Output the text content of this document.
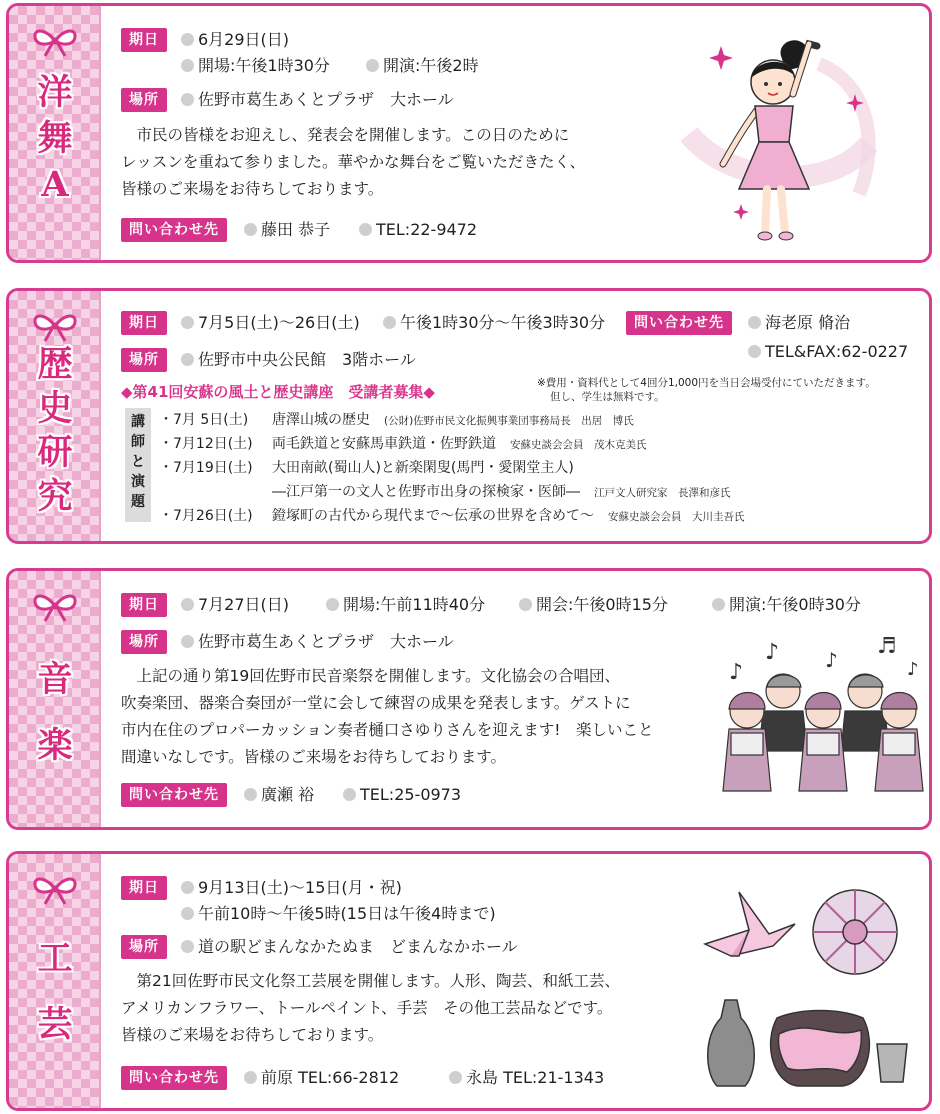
洋
舞
A
期日	6月29日(日)
開場:午後1時30分	開演:午後2時
場所	佐野市葛生あくとプラザ　大ホール
　市民の皆様をお迎えし、発表会を開催します。この日のために
レッスンを重ねて参りました。華やかな舞台をご覧いただきたく、
皆様のご来場をお待ちしております。
問い合わせ先	藤田 恭子	TEL:22-9472
歴
史
研
究
期日	7月5日(土)～26日(土)	午後1時30分～午後3時30分	問い合わせ先	海老原 脩治
TEL&FAX:62-0227
場所	佐野市中央公民館　3階ホール
◆第41回安蘇の風土と歴史講座　受講者募集◆	※費用・資料代として4回分1,000円を当日会場受付にていただきます。
但し、学生は無料です。
講
師
と
演
題
・7月 5日(土) 唐澤山城の歴史　 (公財)佐野市民文化振興事業団事務局長　出居　博氏
・7月12日(土) 両毛鉄道と安蘇馬車鉄道・佐野鉄道　 安蘇史談会会員　茂木克美氏
・7月19日(土) 大田南畝(蜀山人)と新楽閑叟(馬門・愛閑堂主人)
―江戸第一の文人と佐野市出身の探検家・医師―　 江戸文人研究家　長澤和彦氏
・7月26日(土) 鐙塚町の古代から現代まで～伝承の世界を含めて～　 安蘇史談会会員　大川圭吾氏
音
楽
期日	7月27日(日)	開場:午前11時40分	開会:午後0時15分	開演:午後0時30分
場所	佐野市葛生あくとプラザ　大ホール
　上記の通り第19回佐野市民音楽祭を開催します。文化協会の合唱団、
吹奏楽団、器楽合奏団が一堂に会して練習の成果を発表します。ゲストに
市内在住のプロパーカッション奏者樋口さゆりさんを迎えます!　楽しいこと
間違いなしです。皆様のご来場をお待ちしております。
問い合わせ先	廣瀬 裕	TEL:25-0973
♪
♪ ♪
♬
♪
工
芸
期日	9月13日(土)～15日(月・祝)
午前10時～午後5時(15日は午後4時まで)
場所	道の駅どまんなかたぬま　どまんなかホール
　第21回佐野市民文化祭工芸展を開催します。人形、陶芸、和紙工芸、
アメリカンフラワー、トールペイント、手芸　その他工芸品などです。
皆様のご来場をお待ちしております。
問い合わせ先	前原 TEL:66-2812	永島 TEL:21-1343
